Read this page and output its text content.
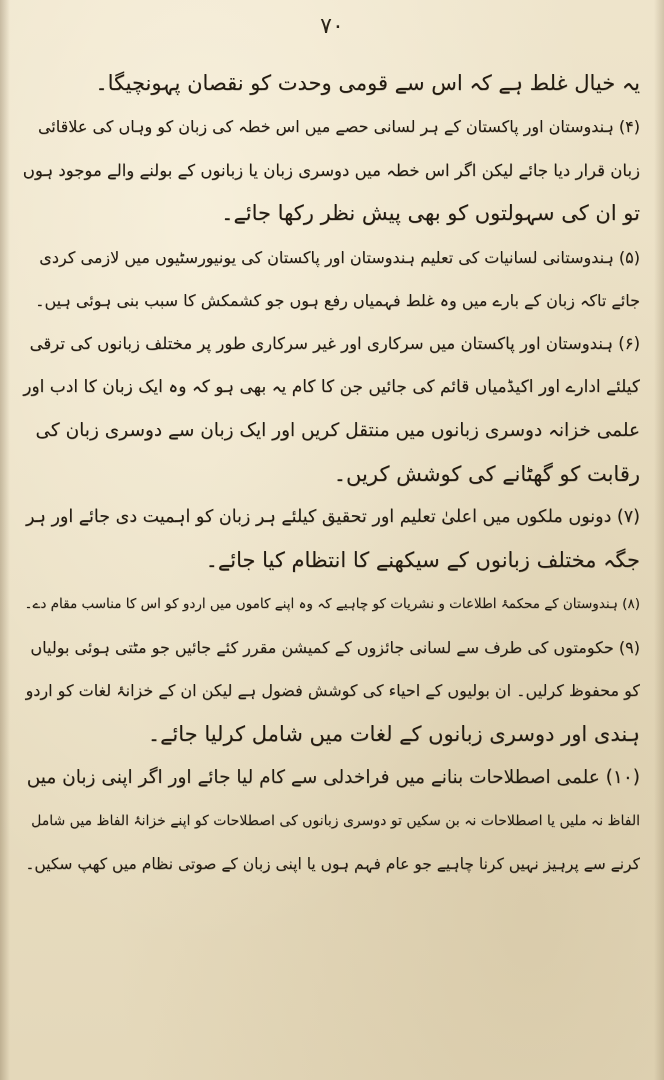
۷۰
یہ خیال غلط ہے کہ اس سے قومی وحدت کو نقصان پہونچیگا۔
(۴) ہندوستان اور پاکستان کے ہر لسانی حصے میں اس خطہ کی زبان کو وہاں کی علاقائی
زبان قرار دیا جائے لیکن اگر اس خطہ میں دوسری زبان یا زبانوں کے بولنے والے موجود ہوں
تو ان کی سہولتوں کو بھی پیش نظر رکھا جائے۔
(۵) ہندوستانی لسانیات کی تعلیم ہندوستان اور پاکستان کی یونیورسٹیوں میں لازمی کردی
جائے تاکہ زبان کے بارے میں وہ غلط فہمیاں رفع ہوں جو کشمکش کا سبب بنی ہوئی ہیں۔
(۶) ہندوستان اور پاکستان میں سرکاری اور غیر سرکاری طور پر مختلف زبانوں کی ترقی
کیلئے ادارے اور اکیڈمیاں قائم کی جائیں جن کا کام یہ بھی ہو کہ وہ ایک زبان کا ادب اور
علمی خزانہ دوسری زبانوں میں منتقل کریں اور ایک زبان سے دوسری زبان کی
رقابت کو گھٹانے کی کوشش کریں۔
(۷) دونوں ملکوں میں اعلیٰ تعلیم اور تحقیق کیلئے ہر زبان کو اہمیت دی جائے اور ہر
جگہ مختلف زبانوں کے سیکھنے کا انتظام کیا جائے۔
(۸) ہندوستان کے محکمۂ اطلاعات و نشریات کو چاہیے کہ وہ اپنے کاموں میں اردو کو اس کا مناسب مقام دے۔
(۹) حکومتوں کی طرف سے لسانی جائزوں کے کمیشن مقرر کئے جائیں جو مٹتی ہوئی بولیاں
کو محفوظ کرلیں۔ ان بولیوں کے احیاء کی کوشش فضول ہے لیکن ان کے خزانۂ لغات کو اردو
ہندی اور دوسری زبانوں کے لغات میں شامل کرلیا جائے۔
(۱۰) علمی اصطلاحات بنانے میں فراخدلی سے کام لیا جائے اور اگر اپنی زبان میں
الفاظ نہ ملیں یا اصطلاحات نہ بن سکیں تو دوسری زبانوں کی اصطلاحات کو اپنے خزانۂ الفاظ میں شامل
کرنے سے پرہیز نہیں کرنا چاہیے جو عام فہم ہوں یا اپنی زبان کے صوتی نظام میں کھپ سکیں۔
